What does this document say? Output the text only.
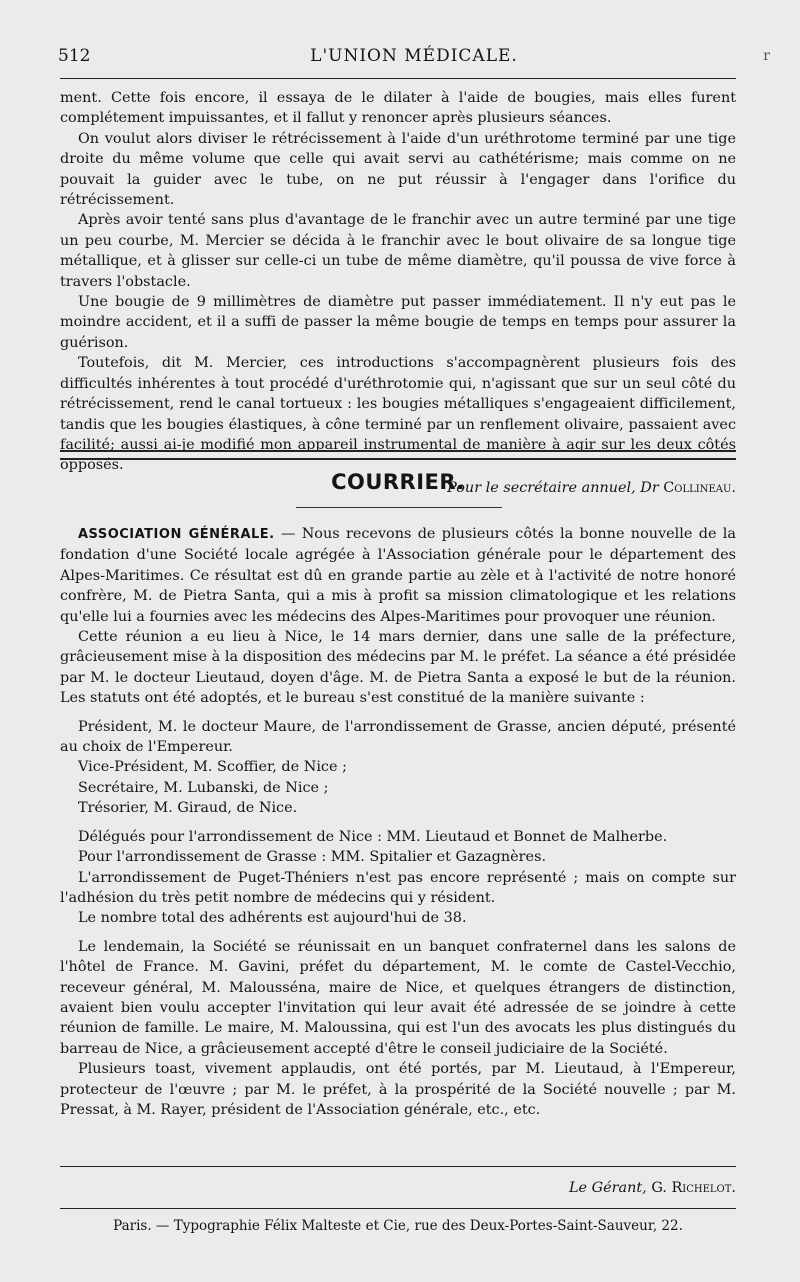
512	L'UNION MÉDICALE.	r

ment. Cette fois encore, il essaya de le dilater à l'aide de bougies, mais elles furent complétement impuissantes, et il fallut y renoncer après plusieurs séances.

On voulut alors diviser le rétrécissement à l'aide d'un uréthrotome terminé par une tige droite du même volume que celle qui avait servi au cathétérisme; mais comme on ne pouvait la guider avec le tube, on ne put réussir à l'engager dans l'orifice du rétrécissement.

Après avoir tenté sans plus d'avantage de le franchir avec un autre terminé par une tige un peu courbe, M. Mercier se décida à le franchir avec le bout olivaire de sa longue tige métallique, et à glisser sur celle-ci un tube de même diamètre, qu'il poussa de vive force à travers l'obstacle.

Une bougie de 9 millimètres de diamètre put passer immédiatement. Il n'y eut pas le moindre accident, et il a suffi de passer la même bougie de temps en temps pour assurer la guérison.

Toutefois, dit M. Mercier, ces introductions s'accompagnèrent plusieurs fois des difficultés inhérentes à tout procédé d'uréthrotomie qui, n'agissant que sur un seul côté du rétrécissement, rend le canal tortueux : les bougies métalliques s'engageaient difficilement, tandis que les bougies élastiques, à cône terminé par un renflement olivaire, passaient avec facilité; aussi ai-je modifié mon appareil instrumental de manière à agir sur les deux côtés opposés.

Pour le secrétaire annuel, Dr Collineau.
COURRIER.

ASSOCIATION GÉNÉRALE. — Nous recevons de plusieurs côtés la bonne nouvelle de la fondation d'une Société locale agrégée à l'Association générale pour le département des Alpes-Maritimes. Ce résultat est dû en grande partie au zèle et à l'activité de notre honoré confrère, M. de Pietra Santa, qui a mis à profit sa mission climatologique et les relations qu'elle lui a fournies avec les médecins des Alpes-Maritimes pour provoquer une réunion.

Cette réunion a eu lieu à Nice, le 14 mars dernier, dans une salle de la préfecture, grâcieusement mise à la disposition des médecins par M. le préfet. La séance a été présidée par M. le docteur Lieutaud, doyen d'âge. M. de Pietra Santa a exposé le but de la réunion. Les statuts ont été adoptés, et le bureau s'est constitué de la manière suivante :

Président, M. le docteur Maure, de l'arrondissement de Grasse, ancien député, présenté au choix de l'Empereur.

Vice-Président, M. Scoffier, de Nice ;

Secrétaire, M. Lubanski, de Nice ;

Trésorier, M. Giraud, de Nice.

Délégués pour l'arrondissement de Nice : MM. Lieutaud et Bonnet de Malherbe.

Pour l'arrondissement de Grasse : MM. Spitalier et Gazagnères.

L'arrondissement de Puget-Théniers n'est pas encore représenté ; mais on compte sur l'adhésion du très petit nombre de médecins qui y résident.

Le nombre total des adhérents est aujourd'hui de 38.

Le lendemain, la Société se réunissait en un banquet confraternel dans les salons de l'hôtel de France. M. Gavini, préfet du département, M. le comte de Castel-Vecchio, receveur général, M. Malousséna, maire de Nice, et quelques étrangers de distinction, avaient bien voulu accepter l'invitation qui leur avait été adressée de se joindre à cette réunion de famille. Le maire, M. Maloussina, qui est l'un des avocats les plus distingués du barreau de Nice, a grâcieusement accepté d'être le conseil judiciaire de la Société.

Plusieurs toast, vivement applaudis, ont été portés, par M. Lieutaud, à l'Empereur, protecteur de l'œuvre ; par M. le préfet, à la prospérité de la Société nouvelle ; par M. Pressat, à M. Rayer, président de l'Association générale, etc., etc.

Le Gérant, G. Richelot.
Paris. — Typographie Félix Malteste et Cie, rue des Deux-Portes-Saint-Sauveur, 22.
